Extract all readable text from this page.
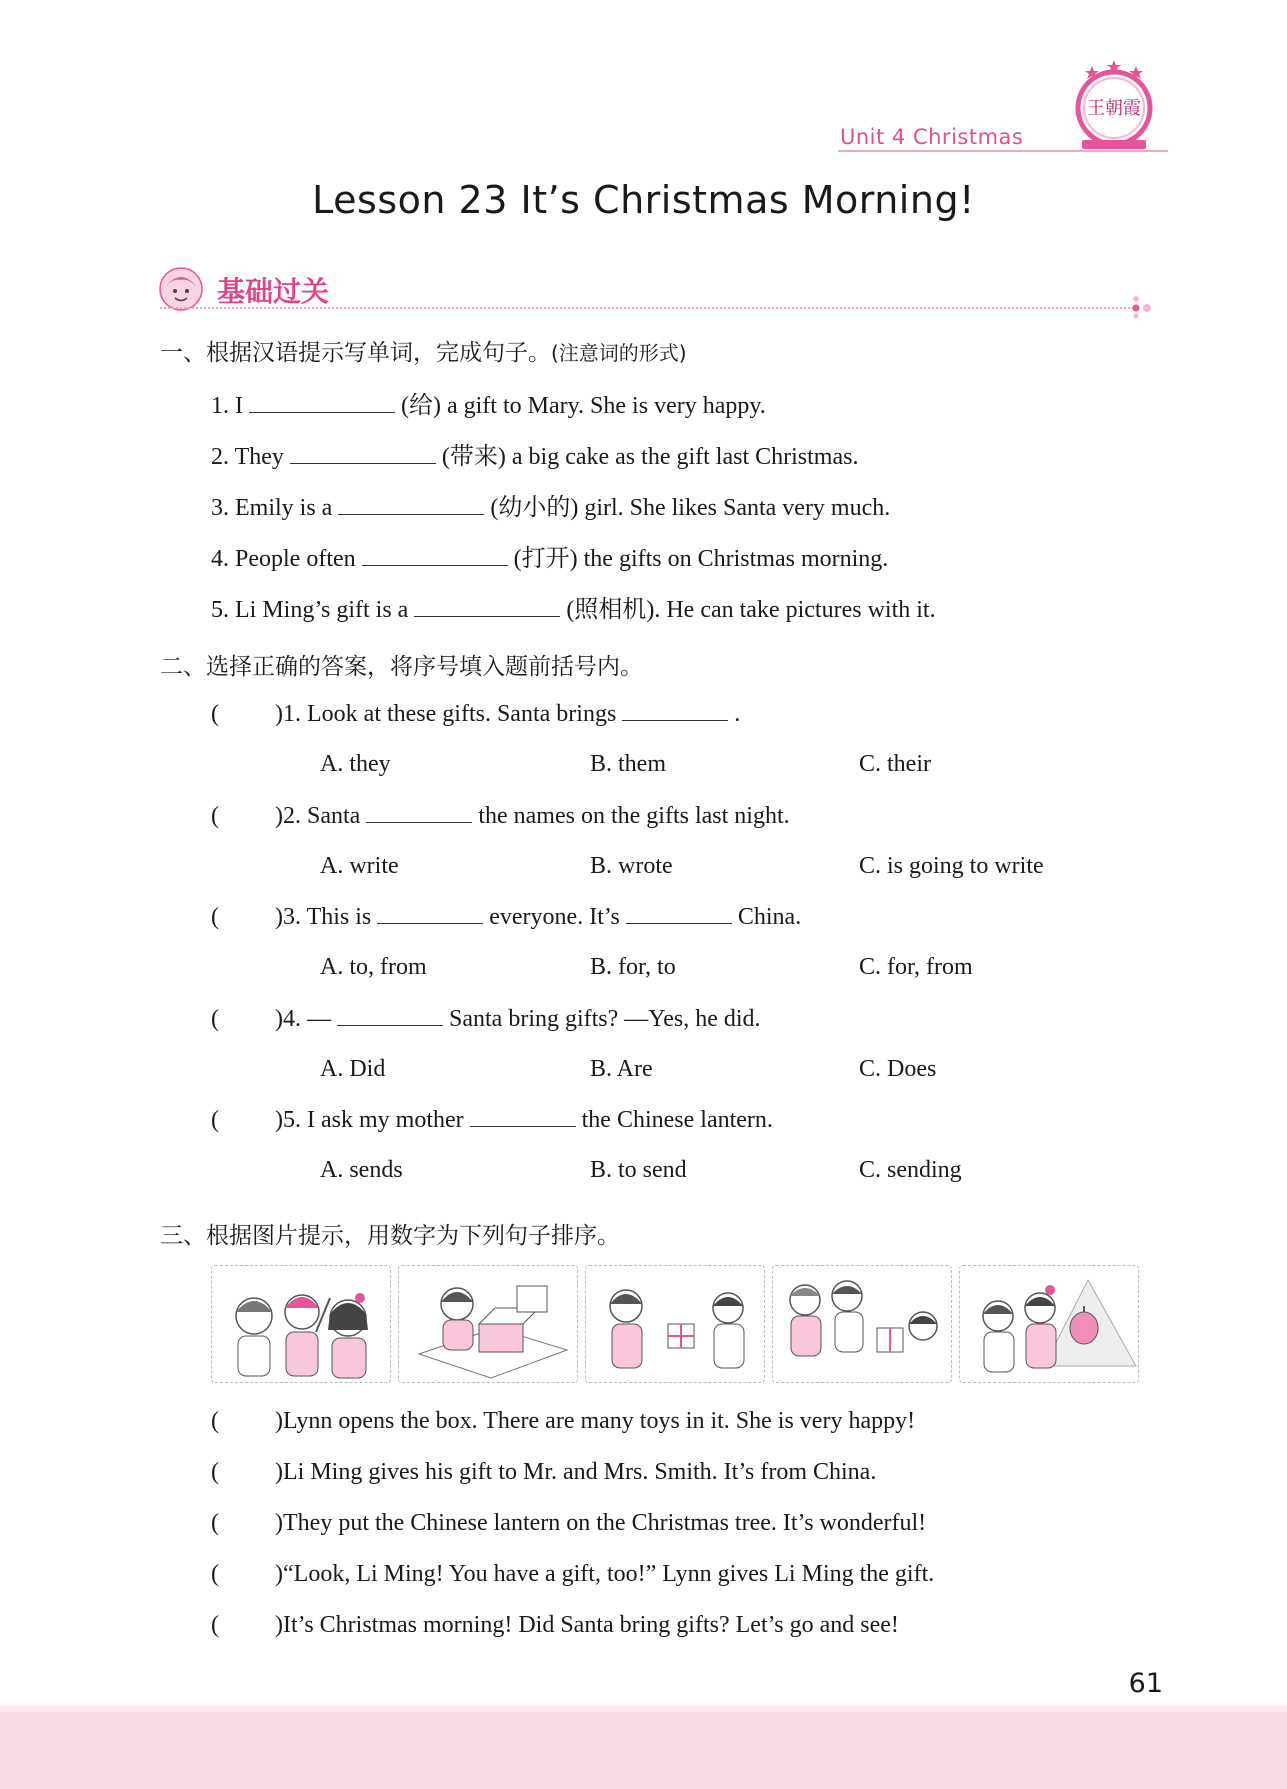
Unit 4 Christmas
王朝霞
Lesson 23 It’s Christmas Morning!
基础过关
一、根据汉语提示写单词，完成句子。(注意词的形式)
1. I	(给) a gift to Mary. She is very happy.
2. They	(带来) a big cake as the gift last Christmas.
3. Emily is a	(幼小的) girl. She likes Santa very much.
4. People often	(打开) the gifts on Christmas morning.
5. Li Ming’s gift is a	(照相机). He can take pictures with it.
二、选择正确的答案，将序号填入题前括号内。
( )1. Look at these gifts. Santa brings	.
A. they	B. them	C. their
( )2. Santa	the names on the gifts last night.
A. write	B. wrote	C. is going to write
( )3. This is	everyone. It’s	China.
A. to, from	B. for, to	C. for, from
( )4. —	Santa bring gifts? —Yes, he did.
A. Did	B. Are	C. Does
( )5. I ask my mother	the Chinese lantern.
A. sends	B. to send	C. sending
三、根据图片提示，用数字为下列句子排序。
( )Lynn opens the box. There are many toys in it. She is very happy!
( )Li Ming gives his gift to Mr. and Mrs. Smith. It’s from China.
( )They put the Chinese lantern on the Christmas tree. It’s wonderful!
( )“Look, Li Ming! You have a gift, too!” Lynn gives Li Ming the gift.
( )It’s Christmas morning! Did Santa bring gifts? Let’s go and see!
61
